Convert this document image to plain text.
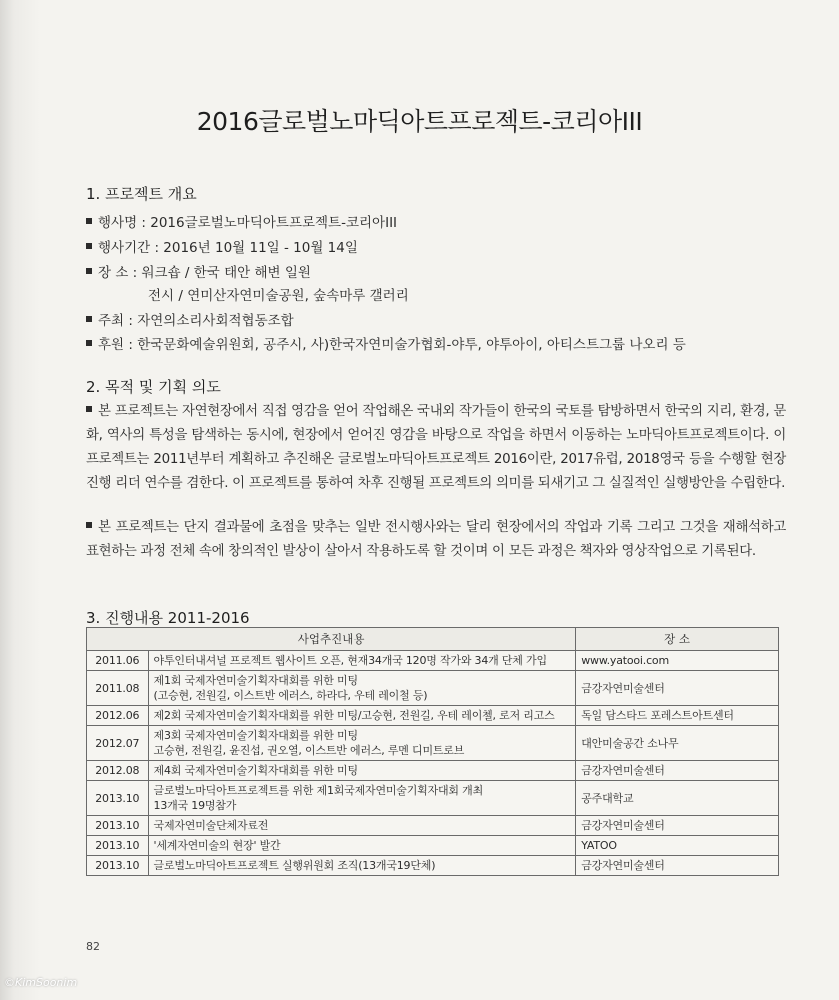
2016글로벌노마딕아트프로젝트-코리아III
1. 프로젝트 개요
행사명 : 2016글로벌노마딕아트프로젝트-코리아III
행사기간 : 2016년 10월 11일 - 10월 14일
장 소 : 워크숍 / 한국 태안 해변 일원
전시 / 연미산자연미술공원, 숲속마루 갤러리
주최 : 자연의소리사회적협동조합
후원 : 한국문화예술위원회, 공주시, 사)한국자연미술가협회-야투, 야투아이, 아티스트그룹 나오리 등
2. 목적 및 기획 의도
본 프로젝트는 자연현장에서 직접 영감을 얻어 작업해온 국내외 작가들이 한국의 국토를 탐방하면서 한국의 지리, 환경, 문화, 역사의 특성을 탐색하는 동시에, 현장에서 얻어진 영감을 바탕으로 작업을 하면서 이동하는 노마딕아트프로젝트이다. 이 프로젝트는 2011년부터 계획하고 추진해온 글로벌노마딕아트프로젝트 2016이란, 2017유럽, 2018영국 등을 수행할 현장 진행 리더 연수를 겸한다. 이 프로젝트를 통하여 차후 진행될 프로젝트의 의미를 되새기고 그 실질적인 실행방안을 수립한다.
본 프로젝트는 단지 결과물에 초점을 맞추는 일반 전시행사와는 달리 현장에서의 작업과 기록 그리고 그것을 재해석하고 표현하는 과정 전체 속에 창의적인 발상이 살아서 작용하도록 할 것이며 이 모든 과정은 책자와 영상작업으로 기록된다.
3. 진행내용 2011-2016
사업추진내용		장 소
2011.06	야투인터내셔널 프로젝트 웹사이트 오픈, 현재34개국 120명 작가와 34개 단체 가입	www.yatooi.com
2011.08	제1회 국제자연미술기획자대회를 위한 미팅
(고승현, 전원길, 이스트반 에러스, 하라다, 우테 레이철 등)	금강자연미술센터
2012.06	제2회 국제자연미술기획자대회를 위한 미팅/고승현, 전원길, 우테 레이첼, 로저 리고스	독일 담스타드 포레스트아트센터
2012.07	제3회 국제자연미술기획자대회를 위한 미팅
고승현, 전원길, 윤진섭, 권오열, 이스트반 에러스, 루멘 디미트로브	대안미술공간 소나무
2012.08	제4회 국제자연미술기획자대회를 위한 미팅	금강자연미술센터
2013.10	글로벌노마딕아트프로젝트를 위한 제1회국제자연미술기획자대회 개최
13개국 19명참가	공주대학교
2013.10	국제자연미술단체자료전	금강자연미술센터
2013.10	'세계자연미술의 현장' 발간	YATOO
2013.10	글로벌노마딕아트프로젝트 실행위원회 조직(13개국19단체)	금강자연미술센터
82
©KimSoonim
